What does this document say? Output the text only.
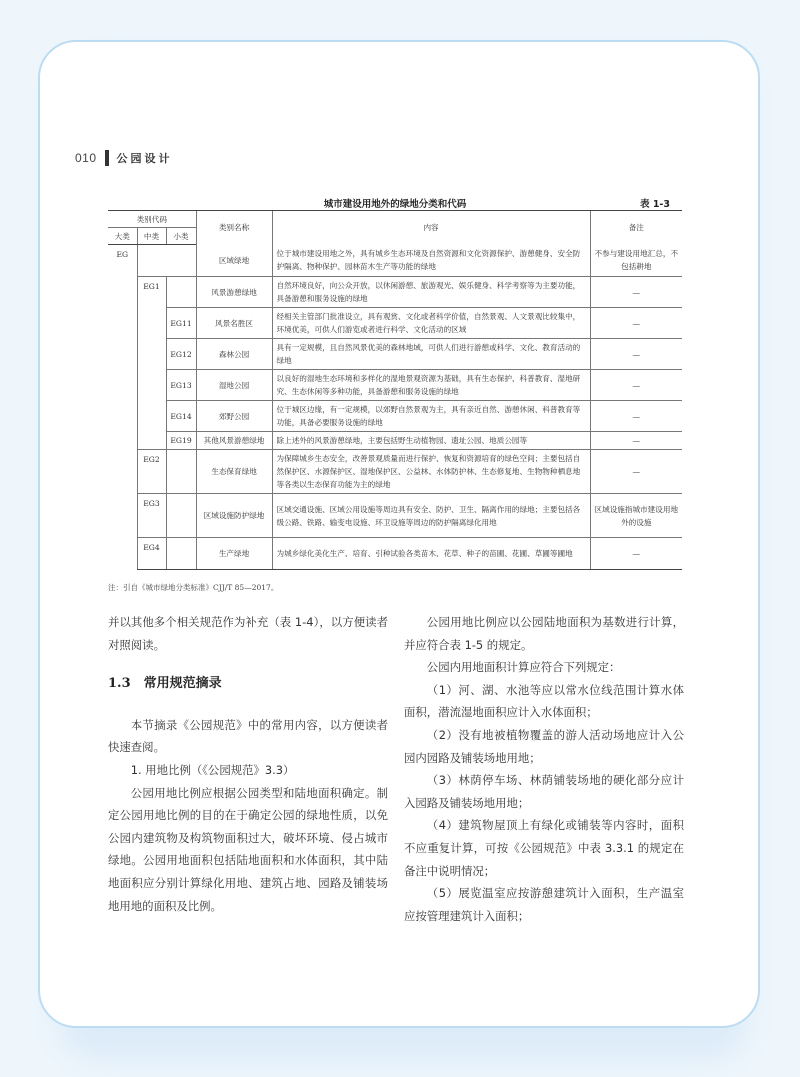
010 公园设计
城市建设用地外的绿地分类和代码	表 1-3
类别代码			类别名称	内容	备注
大类	中类	小类			
EG			区域绿地	位于城市建设用地之外，具有城乡生态环境及自然资源和文化资源保护、游憩健身、安全防护隔离、物种保护、园林苗木生产等功能的绿地	不参与建设用地汇总，不包括耕地
	EG1		风景游憩绿地	自然环境良好，向公众开放，以休闲游憩、旅游观光、娱乐健身、科学考察等为主要功能，具备游憩和服务设施的绿地	—
		EG11	风景名胜区	经相关主管部门批准设立，具有观赏、文化或者科学价值，自然景观、人文景观比较集中，环境优美，可供人们游览或者进行科学、文化活动的区域	—
		EG12	森林公园	具有一定规模，且自然风景优美的森林地域，可供人们进行游憩或科学、文化、教育活动的绿地	—
		EG13	湿地公园	以良好的湿地生态环境和多样化的湿地景观资源为基础，具有生态保护、科普教育、湿地研究、生态休闲等多种功能，具备游憩和服务设施的绿地	—
		EG14	郊野公园	位于城区边缘，有一定规模，以郊野自然景观为主，具有亲近自然、游憩休闲、科普教育等功能，具备必要服务设施的绿地	—
		EG19	其他风景游憩绿地	除上述外的风景游憩绿地，主要包括野生动植物园、遗址公园、地质公园等	—
	EG2		生态保育绿地	为保障城乡生态安全，改善景观质量而进行保护、恢复和资源培育的绿色空间；主要包括自然保护区、水源保护区、湿地保护区、公益林、水体防护林、生态修复地、生物物种栖息地等各类以生态保育功能为主的绿地	—
	EG3		区域设施防护绿地	区域交通设施、区域公用设施等周边具有安全、防护、卫生、隔离作用的绿地；主要包括各级公路、铁路、输变电设施、环卫设施等周边的防护隔离绿化用地	区域设施指城市建设用地外的设施
	EG4		生产绿地	为城乡绿化美化生产、培育、引种试验各类苗木、花草、种子的苗圃、花圃、草圃等圃地	—
注：引自《城市绿地分类标准》CJJ/T 85—2017。

并以其他多个相关规范作为补充（表 1-4），以方便读者对照阅读。

1.3　常用规范摘录

本节摘录《公园规范》中的常用内容，以方便读者快速查阅。

1. 用地比例（《公园规范》3.3）

公园用地比例应根据公园类型和陆地面积确定。制定公园用地比例的目的在于确定公园的绿地性质，以免公园内建筑物及构筑物面积过大，破坏环境、侵占城市绿地。公园用地面积包括陆地面积和水体面积，其中陆地面积应分别计算绿化用地、建筑占地、园路及铺装场地用地的面积及比例。

公园用地比例应以公园陆地面积为基数进行计算，并应符合表 1-5 的规定。

公园内用地面积计算应符合下列规定：

（1）河、湖、水池等应以常水位线范围计算水体面积，潜流湿地面积应计入水体面积；

（2）没有地被植物覆盖的游人活动场地应计入公园内园路及铺装场地用地；

（3）林荫停车场、林荫铺装场地的硬化部分应计入园路及铺装场地用地；

（4）建筑物屋顶上有绿化或铺装等内容时，面积不应重复计算，可按《公园规范》中表 3.3.1 的规定在备注中说明情况；

（5）展览温室应按游憩建筑计入面积，生产温室应按管理建筑计入面积；
